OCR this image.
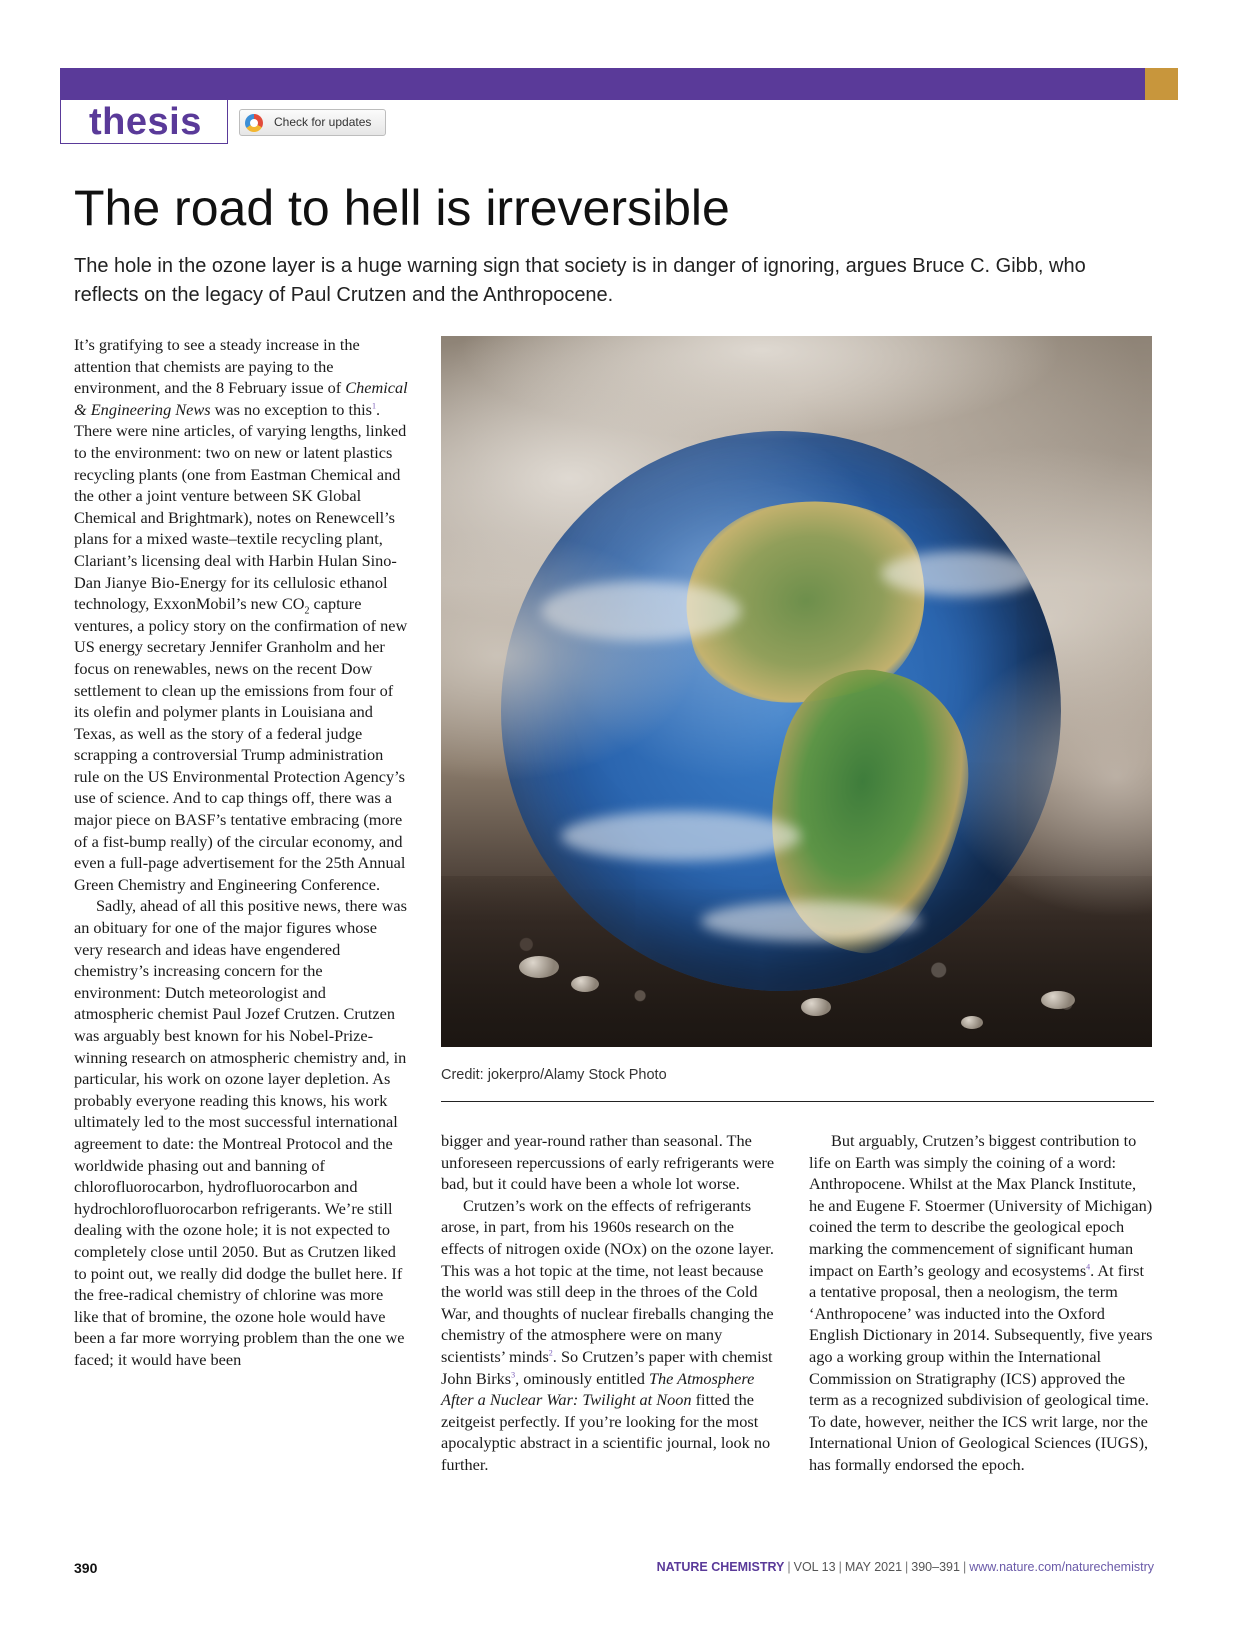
thesis	Check for updates
The road to hell is irreversible

The hole in the ozone layer is a huge warning sign that society is in danger of ignoring, argues Bruce C. Gibb, who reflects on the legacy of Paul Crutzen and the Anthropocene.

It’s gratifying to see a steady increase in the attention that chemists are paying to the environment, and the 8 February issue of Chemical & Engineering News was no exception to this$^1$. There were nine articles, of varying lengths, linked to the environment: two on new or latent plastics recycling plants (one from Eastman Chemical and the other a joint venture between SK Global Chemical and Brightmark), notes on Renewcell’s plans for a mixed waste–textile recycling plant, Clariant’s licensing deal with Harbin Hulan Sino-Dan Jianye Bio-Energy for its cellulosic ethanol technology, ExxonMobil’s new $CO_2$ capture ventures, a policy story on the confirmation of new US energy secretary Jennifer Granholm and her focus on renewables, news on the recent Dow settlement to clean up the emissions from four of its olefin and polymer plants in Louisiana and Texas, as well as the story of a federal judge scrapping a controversial Trump administration rule on the US Environmental Protection Agency’s use of science. And to cap things off, there was a major piece on BASF’s tentative embracing (more of a fist-bump really) of the circular economy, and even a full-page advertisement for the 25th Annual Green Chemistry and Engineering Conference.

Sadly, ahead of all this positive news, there was an obituary for one of the major figures whose very research and ideas have engendered chemistry’s increasing concern for the environment: Dutch meteorologist and atmospheric chemist Paul Jozef Crutzen. Crutzen was arguably best known for his Nobel-Prize-winning research on atmospheric chemistry and, in particular, his work on ozone layer depletion. As probably everyone reading this knows, his work ultimately led to the most successful international agreement to date: the Montreal Protocol and the worldwide phasing out and banning of chlorofluorocarbon, hydrofluorocarbon and hydrochlorofluorocarbon refrigerants. We’re still dealing with the ozone hole; it is not expected to completely close until 2050. But as Crutzen liked to point out, we really did dodge the bullet here. If the free-radical chemistry of chlorine was more like that of bromine, the ozone hole would have been a far more worrying problem than the one we faced; it would have been

Credit: jokerpro/Alamy Stock Photo

bigger and year-round rather than seasonal. The unforeseen repercussions of early refrigerants were bad, but it could have been a whole lot worse.

Crutzen’s work on the effects of refrigerants arose, in part, from his 1960s research on the effects of nitrogen oxide (NOx) on the ozone layer. This was a hot topic at the time, not least because the world was still deep in the throes of the Cold War, and thoughts of nuclear fireballs changing the chemistry of the atmosphere were on many scientists’ minds$^2$. So Crutzen’s paper with chemist John Birks$^3$, ominously entitled The Atmosphere After a Nuclear War: Twilight at Noon fitted the zeitgeist perfectly. If you’re looking for the most apocalyptic abstract in a scientific journal, look no further.

But arguably, Crutzen’s biggest contribution to life on Earth was simply the coining of a word: Anthropocene. Whilst at the Max Planck Institute, he and Eugene F. Stoermer (University of Michigan) coined the term to describe the geological epoch marking the commencement of significant human impact on Earth’s geology and ecosystems$^4$. At first a tentative proposal, then a neologism, the term ‘Anthropocene’ was inducted into the Oxford English Dictionary in 2014. Subsequently, five years ago a working group within the International Commission on Stratigraphy (ICS) approved the term as a recognized subdivision of geological time. To date, however, neither the ICS writ large, nor the International Union of Geological Sciences (IUGS), has formally endorsed the epoch.

390	NATURE CHEMISTRY | VOL 13 | MAY 2021 | 390–391 | www.nature.com/naturechemistry
